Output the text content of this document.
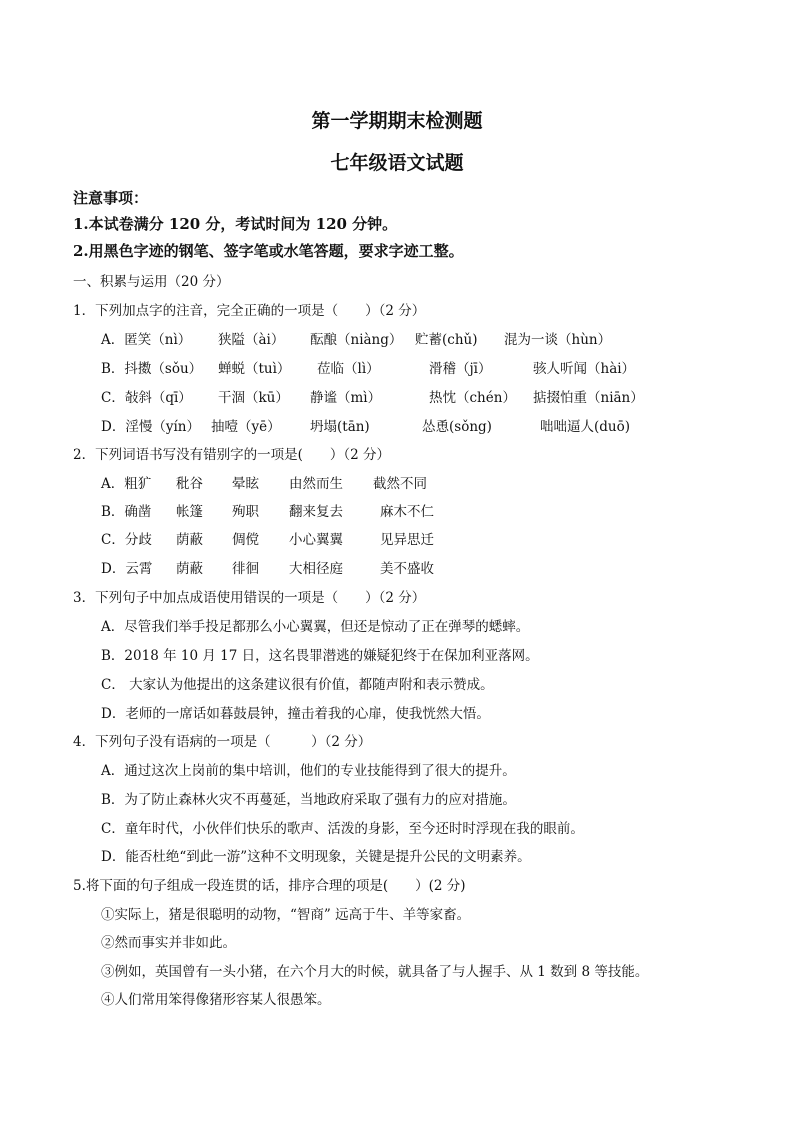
第一学期期末检测题
七年级语文试题
注意事项：
1.本试卷满分 120 分，考试时间为 120 分钟。
2.用黑色字迹的钢笔、签字笔或水笔答题，要求字迹工整。
一、积累与运用（20 分）
1．下列加点字的注音，完全正确的一项是（　　）（2 分）
A．匿笑（nì） 狭隘（ài） 酝酿（niàng） 贮蓄(chǔ) 混为一谈（hùn）
B．抖擞（sǒu） 蝉蜕（tuì） 莅临（lì）	滑稽（jī）	骇人听闻（hài）
C．敧斜（qī） 干涸（kū） 静谧（mì）	热忱（chén） 掂掇怕重（niān）
D．淫慢（yín） 抽噎（yē） 坍塌(tān)	怂恿(sǒng)	咄咄逼人(duō)
2．下列词语书写没有错别字的一项是(　　）（2 分）
A．粗犷 秕谷 晕眩 由然而生 截然不同
B．确凿 帐篷 殉职 翻来复去	麻木不仁
C．分歧 荫蔽 倜傥 小心翼翼	见异思迁
D．云霄 荫蔽 徘徊 大相径庭	美不盛收
3．下列句子中加点成语使用错误的一项是（　　）（2 分）
A．尽管我们举手投足都那么小心翼翼，但还是惊动了正在弹琴的蟋蟀。
B．2018 年 10 月 17 日，这名畏罪潜逃的嫌疑犯终于在保加利亚落网。
C． 大家认为他提出的这条建议很有价值，都随声附和表示赞成。
D．老师的一席话如暮鼓晨钟，撞击着我的心扉，使我恍然大悟。
4．下列句子没有语病的一项是（　　　）（2 分）
A．通过这次上岗前的集中培训，他们的专业技能得到了很大的提升。
B．为了防止森林火灾不再蔓延，当地政府采取了强有力的应对措施。
C．童年时代，小伙伴们快乐的歌声、活泼的身影，至今还时时浮现在我的眼前。
D．能否杜绝“到此一游”这种不文明现象，关键是提升公民的文明素养。
5.将下面的句子组成一段连贯的话，排序合理的项是(　　）(2 分)
①实际上，猪是很聪明的动物，“智商” 远高于牛、羊等家畜。
②然而事实并非如此。
③例如，英国曾有一头小猪，在六个月大的时候，就具备了与人握手、从 1 数到 8 等技能。
④人们常用笨得像猪形容某人很愚笨。
